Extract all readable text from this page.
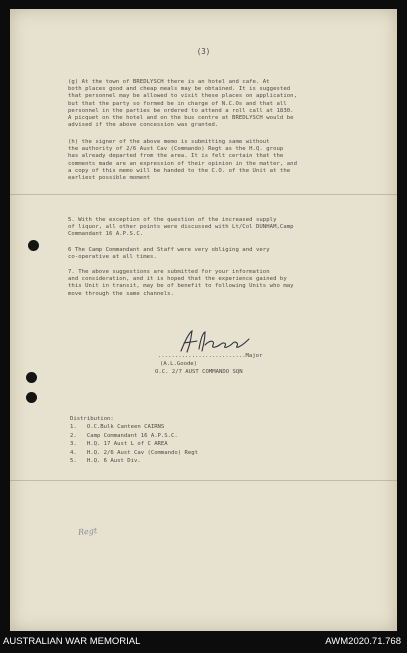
(3)
(g) At the town of BREDLYSCH there is an hotel and cafe. At
both places good and cheap meals may be obtained. It is suggested
that personnel may be allowed to visit these places on application,
but that the party so formed be in charge of N.C.Os and that all
personnel in the parties be ordered to attend a roll call at 1830.
A picquet on the hotel and on the bus centre at BREDLYSCH would be
advised if the above concession was granted.
(h) the signer of the above memo is submitting same without
the authority of 2/6 Aust Cav (Commando) Regt as the H.Q. group
has already departed from the area. It is felt certain that the
comments made are an expression of their opinion in the matter, and
a copy of this memo will be handed to the C.O. of the Unit at the
earliest possible moment
5. With the exception of the question of the increased supply
of liquor, all other points were discussed with Lt/Col DUNHAM,Camp
Commandant 16 A.P.S.C.
6 The Camp Commandant and Staff were very obliging and very
co-operative at all times.
7. The above suggestions are submitted for your information
and consideration, and it is hoped that the experience gained by
this Unit in transit, may be of benefit to following Units who may
move through the same channels.
..........................Major
(A.L.Goode)
O.C. 2/7 AUST COMMANDO SQN
Distribution:
1.   O.C.Bulk Canteen CAIRNS
2.   Camp Commandant 16 A.P.S.C.
3.   H.Q. 17 Aust L of C AREA
4.   H.Q. 2/6 Aust Cav (Commando) Regt
5.   H.Q. 6 Aust Div.
Regt
AUSTRALIAN WAR MEMORIAL	AWM2020.71.768
